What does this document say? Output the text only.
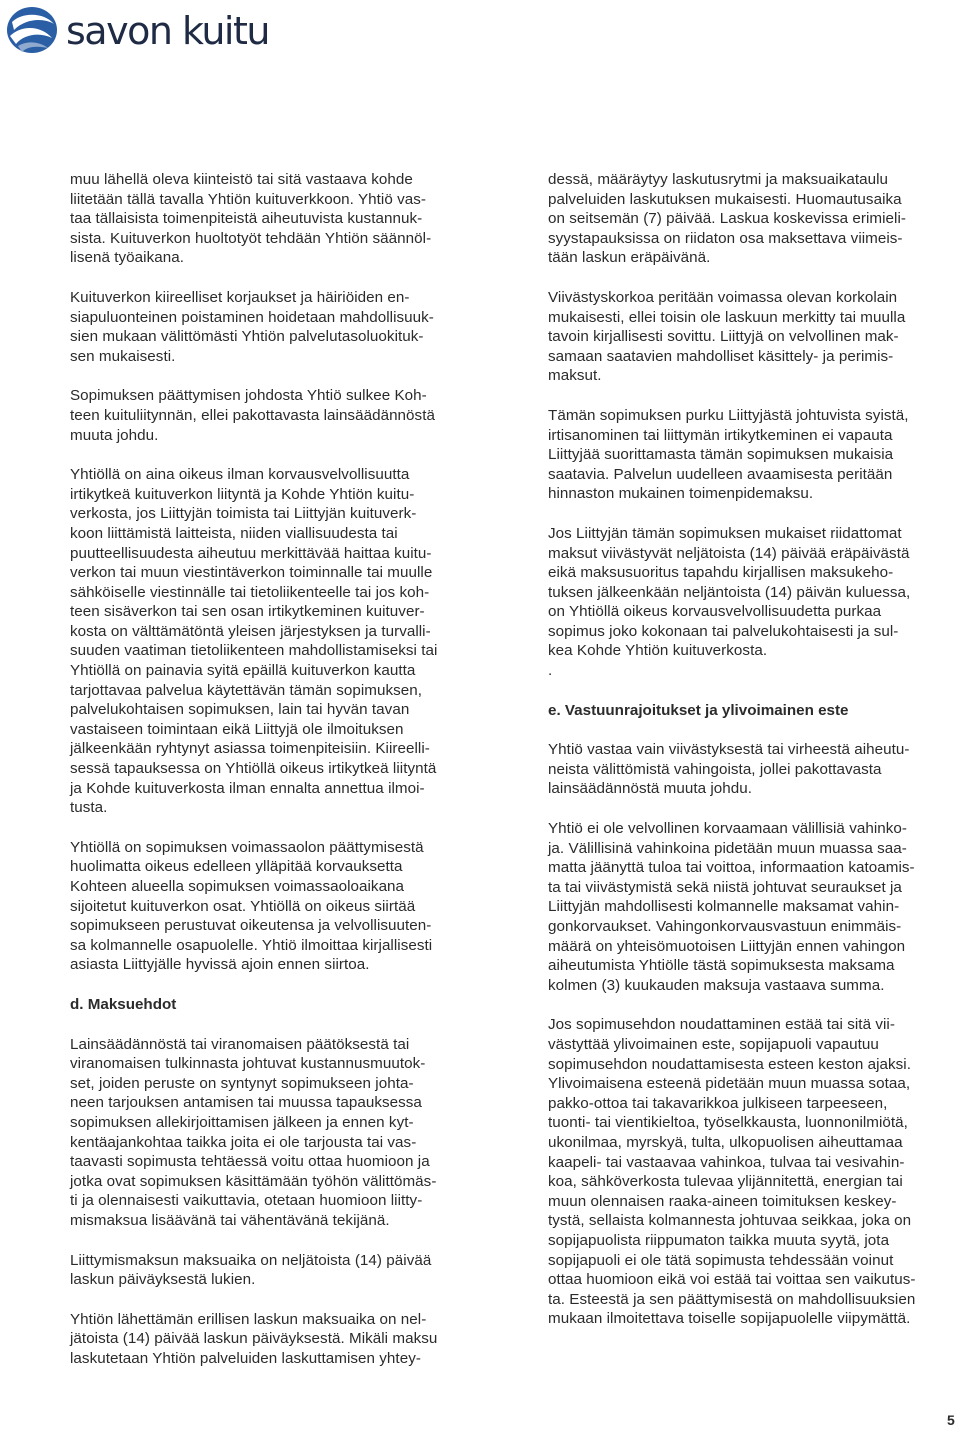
savon kuitu

muu lähellä oleva kiinteistö tai sitä vastaava kohde
liitetään tällä tavalla Yhtiön kuituverkkoon. Yhtiö vas-
taa tällaisista toimenpiteistä aiheutuvista kustannuk-
sista. Kuituverkon huoltotyöt tehdään Yhtiön säännöl-
lisenä työaikana.

Kuituverkon kiireelliset korjaukset ja häiriöiden en-
siapuluonteinen poistaminen hoidetaan mahdollisuuk-
sien mukaan välittömästi Yhtiön palvelutasoluokituk-
sen mukaisesti.

Sopimuksen päättymisen johdosta Yhtiö sulkee Koh-
teen kuituliitynnän, ellei pakottavasta lainsäädännöstä
muuta johdu.

Yhtiöllä on aina oikeus ilman korvausvelvollisuutta
irtikytkeä kuituverkon liityntä ja Kohde Yhtiön kuitu-
verkosta, jos Liittyjän toimista tai Liittyjän kuituverk-
koon liittämistä laitteista, niiden viallisuudesta tai
puutteellisuudesta aiheutuu merkittävää haittaa kuitu-
verkon tai muun viestintäverkon toiminnalle tai muulle
sähköiselle viestinnälle tai tietoliikenteelle tai jos koh-
teen sisäverkon tai sen osan irtikytkeminen kuituver-
kosta on välttämätöntä yleisen järjestyksen ja turvalli-
suuden vaatiman tietoliikenteen mahdollistamiseksi tai
Yhtiöllä on painavia syitä epäillä kuituverkon kautta
tarjottavaa palvelua käytettävän tämän sopimuksen,
palvelukohtaisen sopimuksen, lain tai hyvän tavan
vastaiseen toimintaan eikä Liittyjä ole ilmoituksen
jälkeenkään ryhtynyt asiassa toimenpiteisiin. Kiireelli-
sessä tapauksessa on Yhtiöllä oikeus irtikytkeä liityntä
ja Kohde kuituverkosta ilman ennalta annettua ilmoi-
tusta.

Yhtiöllä on sopimuksen voimassaolon päättymisestä
huolimatta oikeus edelleen ylläpitää korvauksetta
Kohteen alueella sopimuksen voimassaoloaikana
sijoitetut kuituverkon osat. Yhtiöllä on oikeus siirtää
sopimukseen perustuvat oikeutensa ja velvollisuuten-
sa kolmannelle osapuolelle. Yhtiö ilmoittaa kirjallisesti
asiasta Liittyjälle hyvissä ajoin ennen siirtoa.

d. Maksuehdot

Lainsäädännöstä tai viranomaisen päätöksestä tai
viranomaisen tulkinnasta johtuvat kustannusmuutok-
set, joiden peruste on syntynyt sopimukseen johta-
neen tarjouksen antamisen tai muussa tapauksessa
sopimuksen allekirjoittamisen jälkeen ja ennen kyt-
kentäajankohtaa taikka joita ei ole tarjousta tai vas-
taavasti sopimusta tehtäessä voitu ottaa huomioon ja
jotka ovat sopimuksen käsittämään työhön välittömäs-
ti ja olennaisesti vaikuttavia, otetaan huomioon liitty-
mismaksua lisäävänä tai vähentävänä tekijänä.

Liittymismaksun maksuaika on neljätoista (14) päivää
laskun päiväyksestä lukien.

Yhtiön lähettämän erillisen laskun maksuaika on nel-
jätoista (14) päivää laskun päiväyksestä. Mikäli maksu
laskutetaan Yhtiön palveluiden laskuttamisen yhtey-

dessä, määräytyy laskutusrytmi ja maksuaikataulu
palveluiden laskutuksen mukaisesti. Huomautusaika
on seitsemän (7) päivää. Laskua koskevissa erimieli-
syystapauksissa on riidaton osa maksettava viimeis-
tään laskun eräpäivänä.

Viivästyskorkoa peritään voimassa olevan korkolain
mukaisesti, ellei toisin ole laskuun merkitty tai muulla
tavoin kirjallisesti sovittu. Liittyjä on velvollinen mak-
samaan saatavien mahdolliset käsittely- ja perimis-
maksut.

Tämän sopimuksen purku Liittyjästä johtuvista syistä,
irtisanominen tai liittymän irtikytkeminen ei vapauta
Liittyjää suorittamasta tämän sopimuksen mukaisia
saatavia. Palvelun uudelleen avaamisesta peritään
hinnaston mukainen toimenpidemaksu.

Jos Liittyjän tämän sopimuksen mukaiset riidattomat
maksut viivästyvät neljätoista (14) päivää eräpäivästä
eikä maksusuoritus tapahdu kirjallisen maksukeho-
tuksen jälkeenkään neljäntoista (14) päivän kuluessa,
on Yhtiöllä oikeus korvausvelvollisuudetta purkaa
sopimus joko kokonaan tai palvelukohtaisesti ja sul-
kea Kohde Yhtiön kuituverkosta.
.

e. Vastuunrajoitukset ja ylivoimainen este

Yhtiö vastaa vain viivästyksestä tai virheestä aiheutu-
neista välittömistä vahingoista, jollei pakottavasta
lainsäädännöstä muuta johdu.

Yhtiö ei ole velvollinen korvaamaan välillisiä vahinko-
ja. Välillisinä vahinkoina pidetään muun muassa saa-
matta jäänyttä tuloa tai voittoa, informaation katoamis-
ta tai viivästymistä sekä niistä johtuvat seuraukset ja
Liittyjän mahdollisesti kolmannelle maksamat vahin-
gonkorvaukset. Vahingonkorvausvastuun enimmäis-
määrä on yhteisömuotoisen Liittyjän ennen vahingon
aiheutumista Yhtiölle tästä sopimuksesta maksama
kolmen (3) kuukauden maksuja vastaava summa.

Jos sopimusehdon noudattaminen estää tai sitä vii-
västyttää ylivoimainen este, sopijapuoli vapautuu
sopimusehdon noudattamisesta esteen keston ajaksi.
Ylivoimaisena esteenä pidetään muun muassa sotaa,
pakko-ottoa tai takavarikkoa julkiseen tarpeeseen,
tuonti- tai vientikieltoa, työselkkausta, luonnonilmiötä,
ukonilmaa, myrskyä, tulta, ulkopuolisen aiheuttamaa
kaapeli- tai vastaavaa vahinkoa, tulvaa tai vesivahin-
koa, sähköverkosta tulevaa ylijännitettä, energian tai
muun olennaisen raaka-aineen toimituksen keskey-
tystä, sellaista kolmannesta johtuvaa seikkaa, joka on
sopijapuolista riippumaton taikka muuta syytä, jota
sopijapuoli ei ole tätä sopimusta tehdessään voinut
ottaa huomioon eikä voi estää tai voittaa sen vaikutus-
ta. Esteestä ja sen päättymisestä on mahdollisuuksien
mukaan ilmoitettava toiselle sopijapuolelle viipymättä.

5
